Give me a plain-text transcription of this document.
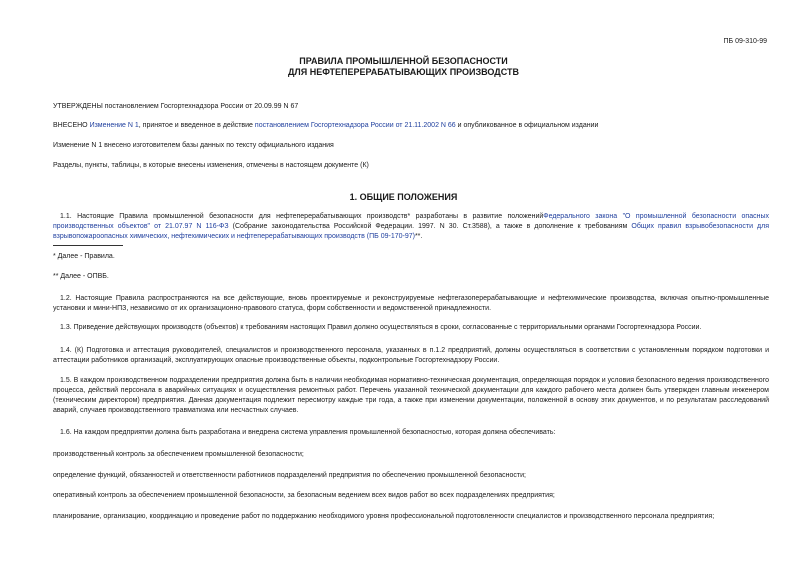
ПБ 09-310-99
ПРАВИЛА ПРОМЫШЛЕННОЙ БЕЗОПАСНОСТИ
ДЛЯ НЕФТЕПЕРЕРАБАТЫВАЮЩИХ ПРОИЗВОДСТВ
УТВЕРЖДЕНЫ постановлением Госгортехнадзора России от 20.09.99 N 67
ВНЕСЕНО Изменение N 1, принятое и введенное в действие постановлением Госгортехнадзора России от 21.11.2002 N 66 и опубликованное в официальном издании
Изменение N 1 внесено изготовителем базы данных по тексту официального издания
Разделы, пункты, таблицы, в которые внесены изменения, отмечены в настоящем документе (К)
1. ОБЩИЕ ПОЛОЖЕНИЯ
1.1. Настоящие Правила промышленной безопасности для нефтеперерабатывающих производств* разработаны в развитие положенийФедерального закона "О промышленной безопасности опасных производственных объектов" от 21.07.97 N 116-ФЗ (Собрание законодательства Российской Федерации. 1997. N 30. Ст.3588), а также в дополнение к требованиям Общих правил взрывобезопасности для взрывопожароопасных химических, нефтехимических и нефтеперерабатывающих производств (ПБ 09-170-97)**.
* Далее - Правила.
** Далее - ОПВБ.
1.2. Настоящие Правила распространяются на все действующие, вновь проектируемые и реконструируемые нефтегазоперерабатывающие и нефтехимические производства, включая опытно-промышленные установки и мини-НПЗ, независимо от их организационно-правового статуса, форм собственности и ведомственной принадлежности.
1.3. Приведение действующих производств (объектов) к требованиям настоящих Правил должно осуществляться в сроки, согласованные с территориальными органами Госгортехнадзора России.
1.4. (К) Подготовка и аттестация руководителей, специалистов и производственного персонала, указанных в п.1.2 предприятий, должны осуществляться в соответствии с установленным порядком подготовки и аттестации работников организаций, эксплуатирующих опасные производственные объекты, подконтрольные Госгортехнадзору России.
1.5. В каждом производственном подразделении предприятия должна быть в наличии необходимая нормативно-техническая документация, определяющая порядок и условия безопасного ведения производственного процесса, действий персонала в аварийных ситуациях и осуществления ремонтных работ. Перечень указанной технической документации для каждого рабочего места должен быть утвержден главным инженером (техническим директором) предприятия. Данная документация подлежит пересмотру каждые три года, а также при изменении документации, положенной в основу этих документов, и по результатам расследований аварий, случаев производственного травматизма или несчастных случаев.
1.6. На каждом предприятии должна быть разработана и внедрена система управления промышленной безопасностью, которая должна обеспечивать:
производственный контроль за обеспечением промышленной безопасности;
определение функций, обязанностей и ответственности работников подразделений предприятия по обеспечению промышленной безопасности;
оперативный контроль за обеспечением промышленной безопасности, за безопасным ведением всех видов работ во всех подразделениях предприятия;
планирование, организацию, координацию и проведение работ по поддержанию необходимого уровня профессиональной подготовленности специалистов и производственного персонала предприятия;
